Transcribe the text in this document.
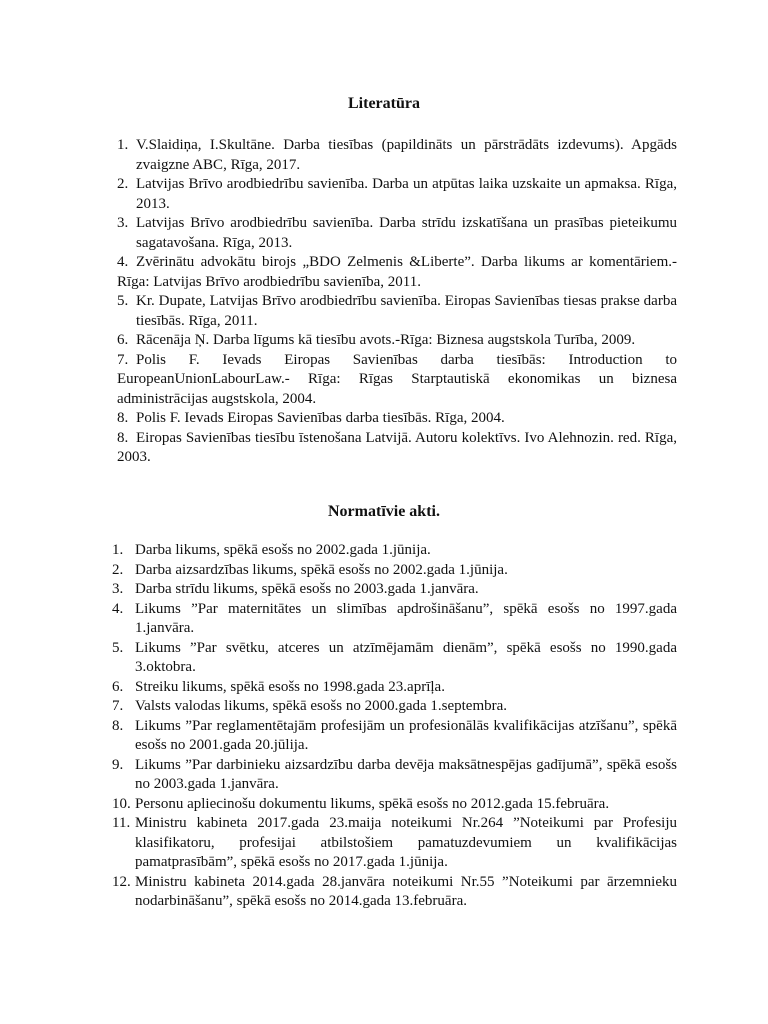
Literatūra

1. V.Slaidiņa, I.Skultāne. Darba tiesības (papildināts un pārstrādāts izdevums). Apgāds zvaigzne ABC, Rīga, 2017.

2. Latvijas Brīvo arodbiedrību savienība. Darba un atpūtas laika uzskaite un apmaksa. Rīga, 2013.

3. Latvijas Brīvo arodbiedrību savienība. Darba strīdu izskatīšana un prasības pieteikumu sagatavošana. Rīga, 2013.

4. Zvērinātu advokātu birojs „BDO Zelmenis &Liberte”. Darba likums ar komentāriem.- Rīga: Latvijas Brīvo arodbiedrību savienība, 2011.

5. Kr. Dupate, Latvijas Brīvo arodbiedrību savienība. Eiropas Savienības tiesas prakse darba tiesībās. Rīga, 2011.

6. Rācenāja Ņ. Darba līgums kā tiesību avots.-Rīga: Biznesa augstskola Turība, 2009.

7. Polis F. Ievads Eiropas Savienības darba tiesībās: Introduction to EuropeanUnionLabourLaw.- Rīga: Rīgas Starptautiskā ekonomikas un biznesa administrācijas augstskola, 2004.

8. Polis F. Ievads Eiropas Savienības darba tiesībās. Rīga, 2004.

8. Eiropas Savienības tiesību īstenošana Latvijā. Autoru kolektīvs. Ivo Alehnozin. red. Rīga, 2003.

Normatīvie akti.

1. Darba likums, spēkā esošs no 2002.gada 1.jūnija.

2. Darba aizsardzības likums, spēkā esošs no 2002.gada 1.jūnija.

3. Darba strīdu likums, spēkā esošs no 2003.gada 1.janvāra.

4. Likums ”Par maternitātes un slimības apdrošināšanu”, spēkā esošs no 1997.gada 1.janvāra.

5. Likums ”Par svētku, atceres un atzīmējamām dienām”, spēkā esošs no 1990.gada 3.oktobra.

6. Streiku likums, spēkā esošs no 1998.gada 23.aprīļa.

7. Valsts valodas likums, spēkā esošs no 2000.gada 1.septembra.

8. Likums ”Par reglamentētajām profesijām un profesionālās kvalifikācijas atzīšanu”, spēkā esošs no 2001.gada 20.jūlija.

9. Likums ”Par darbinieku aizsardzību darba devēja maksātnespējas gadījumā”, spēkā esošs no 2003.gada 1.janvāra.

10. Personu apliecinošu dokumentu likums, spēkā esošs no 2012.gada 15.februāra.

11. Ministru kabineta 2017.gada 23.maija noteikumi Nr.264 ”Noteikumi par Profesiju klasifikatoru, profesijai atbilstošiem pamatuzdevumiem un kvalifikācijas pamatprasībām”, spēkā esošs no 2017.gada 1.jūnija.

12. Ministru kabineta 2014.gada 28.janvāra noteikumi Nr.55 ”Noteikumi par ārzemnieku nodarbināšanu”, spēkā esošs no 2014.gada 13.februāra.
